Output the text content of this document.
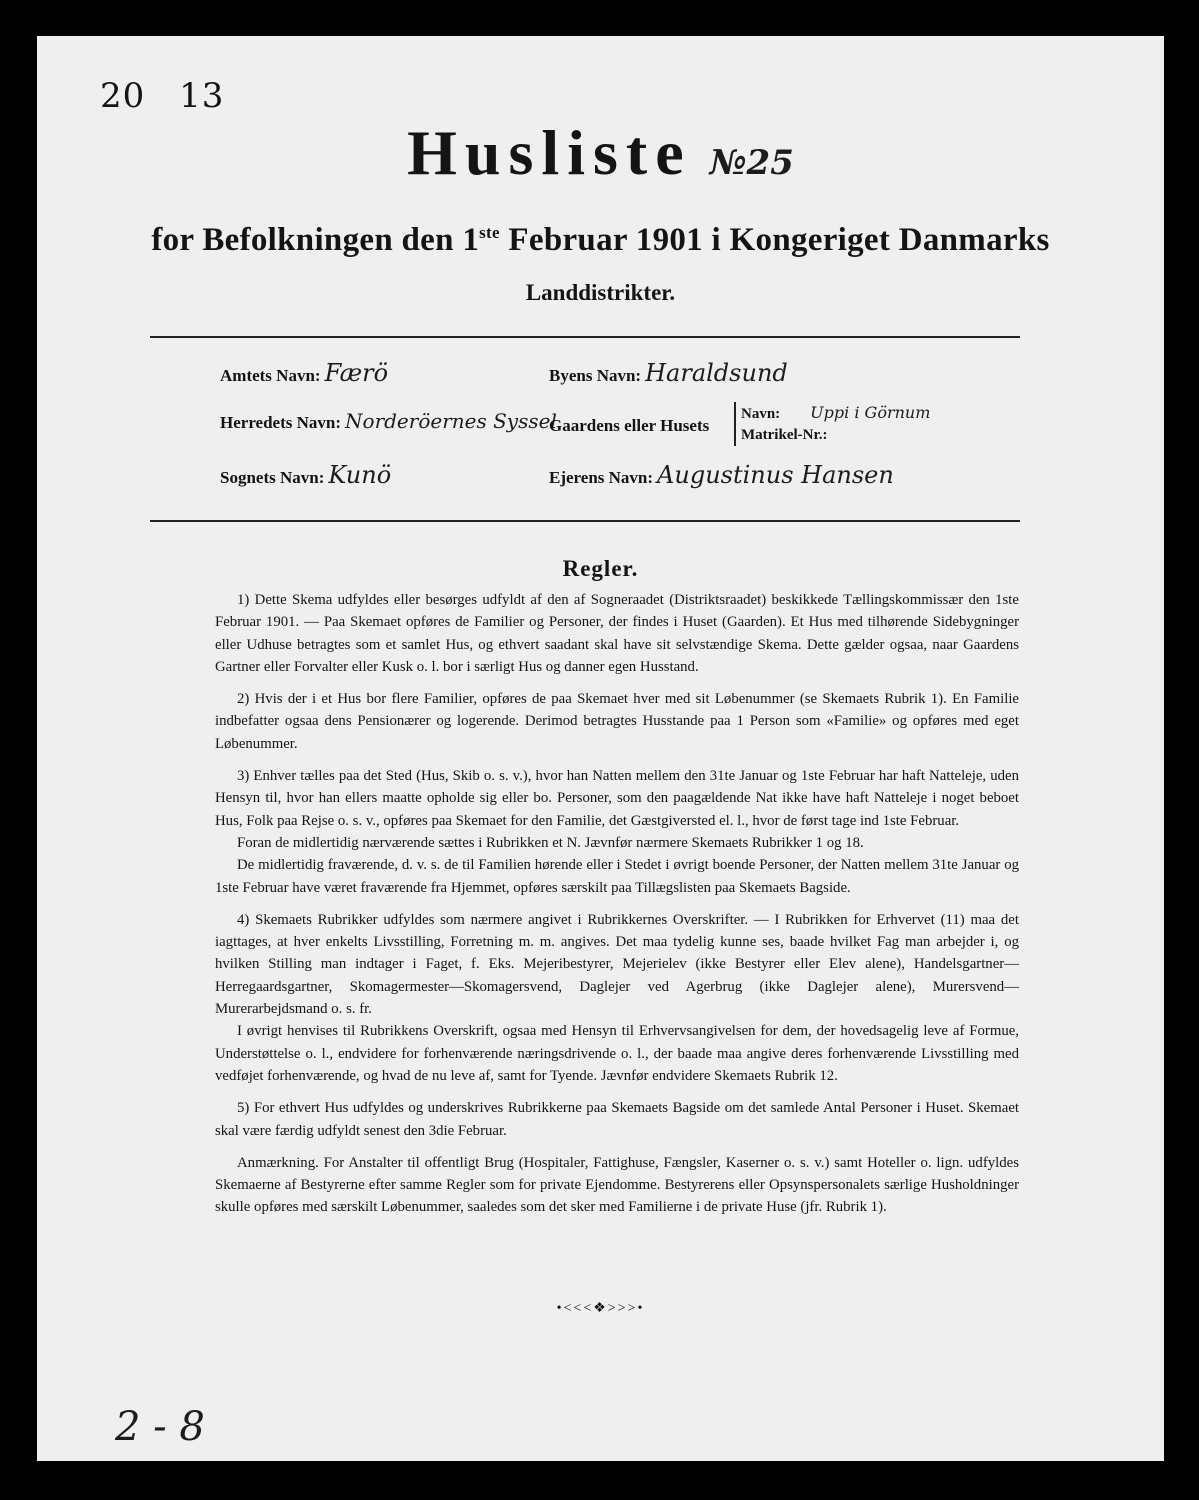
20 13
Husliste №25
for Befolkningen den 1ste Februar 1901 i Kongeriget Danmarks
Landdistrikter.
Amtets Navn: Færö	Byens Navn: Haraldsund
Herredets Navn: Norderöernes Syssel
Gaardens eller Husets
Navn: Uppi i Görnum
Matrikel-Nr.:
Sognets Navn: Kunö	Ejerens Navn: Augustinus Hansen
Regler.

1) Dette Skema udfyldes eller besørges udfyldt af den af Sogneraadet (Distriktsraadet) beskikkede Tællingskommissær den 1ste Februar 1901. — Paa Skemaet opføres de Familier og Personer, der findes i Huset (Gaarden). Et Hus med tilhørende Sidebygninger eller Udhuse betragtes som et samlet Hus, og ethvert saadant skal have sit selvstændige Skema. Dette gælder ogsaa, naar Gaardens Gartner eller Forvalter eller Kusk o. l. bor i særligt Hus og danner egen Husstand.

2) Hvis der i et Hus bor flere Familier, opføres de paa Skemaet hver med sit Løbenummer (se Skemaets Rubrik 1). En Familie indbefatter ogsaa dens Pensionærer og logerende. Derimod betragtes Husstande paa 1 Person som «Familie» og opføres med eget Løbenummer.

3) Enhver tælles paa det Sted (Hus, Skib o. s. v.), hvor han Natten mellem den 31te Januar og 1ste Februar har haft Natteleje, uden Hensyn til, hvor han ellers maatte opholde sig eller bo. Personer, som den paagældende Nat ikke have haft Natteleje i noget beboet Hus, Folk paa Rejse o. s. v., opføres paa Skemaet for den Familie, det Gæstgiversted el. l., hvor de først tage ind 1ste Februar.

Foran de midlertidig nærværende sættes i Rubrikken et N. Jævnfør nærmere Skemaets Rubrikker 1 og 18.

De midlertidig fraværende, d. v. s. de til Familien hørende eller i Stedet i øvrigt boende Personer, der Natten mellem 31te Januar og 1ste Februar have været fraværende fra Hjemmet, opføres særskilt paa Tillægslisten paa Skemaets Bagside.

4) Skemaets Rubrikker udfyldes som nærmere angivet i Rubrikkernes Overskrifter. — I Rubrikken for Erhvervet (11) maa det iagttages, at hver enkelts Livsstilling, Forretning m. m. angives. Det maa tydelig kunne ses, baade hvilket Fag man arbejder i, og hvilken Stilling man indtager i Faget, f. Eks. Mejeribestyrer, Mejerielev (ikke Bestyrer eller Elev alene), Handelsgartner—Herregaardsgartner, Skomagermester—Skomagersvend, Daglejer ved Agerbrug (ikke Daglejer alene), Murersvend—Murerarbejdsmand o. s. fr.

I øvrigt henvises til Rubrikkens Overskrift, ogsaa med Hensyn til Erhvervsangivelsen for dem, der hovedsagelig leve af Formue, Understøttelse o. l., endvidere for forhenværende næringsdrivende o. l., der baade maa angive deres forhenværende Livsstilling med vedføjet forhenværende, og hvad de nu leve af, samt for Tyende. Jævnfør endvidere Skemaets Rubrik 12.

5) For ethvert Hus udfyldes og underskrives Rubrikkerne paa Skemaets Bagside om det samlede Antal Personer i Huset. Skemaet skal være færdig udfyldt senest den 3die Februar.

Anmærkning. For Anstalter til offentligt Brug (Hospitaler, Fattighuse, Fængsler, Kaserner o. s. v.) samt Hoteller o. lign. udfyldes Skemaerne af Bestyrerne efter samme Regler som for private Ejendomme. Bestyrerens eller Opsynspersonalets særlige Husholdninger skulle opføres med særskilt Løbenummer, saaledes som det sker med Familierne i de private Huse (jfr. Rubrik 1).

•<<<❖>>>•
2 - 8
